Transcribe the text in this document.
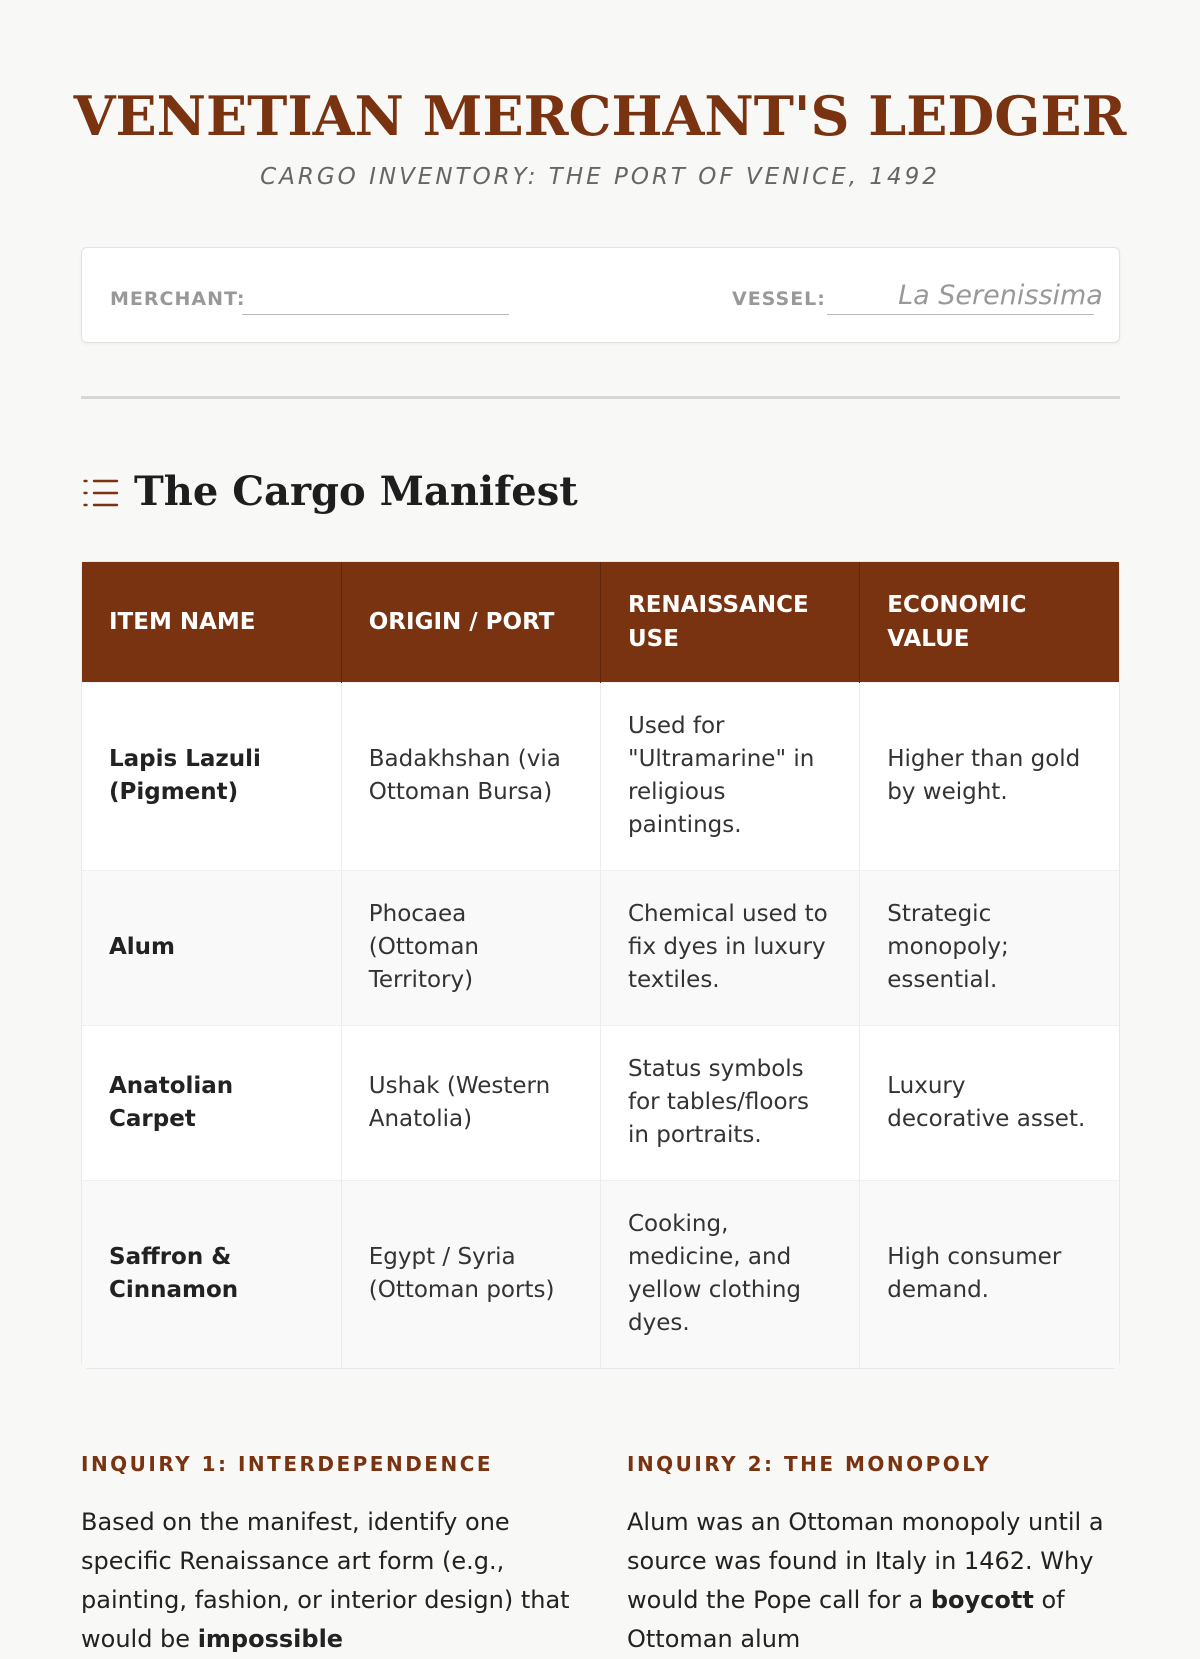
VENETIAN MERCHANT'S LEDGER
CARGO INVENTORY: THE PORT OF VENICE, 1492
MERCHANT:	VESSEL:	La Serenissima
The Cargo Manifest
ITEM NAME	ORIGIN / PORT	RENAISSANCE USE	ECONOMIC VALUE
Lapis Lazuli (Pigment)	Badakhshan (via Ottoman Bursa)	Used for "Ultramarine" in religious paintings.	Higher than gold by weight.
Alum	Phocaea (Ottoman Territory)	Chemical used to fix dyes in luxury textiles.	Strategic monopoly; essential.
Anatolian Carpet	Ushak (Western Anatolia)	Status symbols for tables/floors in portraits.	Luxury decorative asset.
Saffron & Cinnamon	Egypt / Syria (Ottoman ports)	Cooking, medicine, and yellow clothing dyes.	High consumer demand.
INQUIRY 1: INTERDEPENDENCE

Based on the manifest, identify one specific Renaissance art form (e.g., painting, fashion, or interior design) that would be impossible

INQUIRY 2: THE MONOPOLY

Alum was an Ottoman monopoly until a source was found in Italy in 1462. Why would the Pope call for a boycott of Ottoman alum
